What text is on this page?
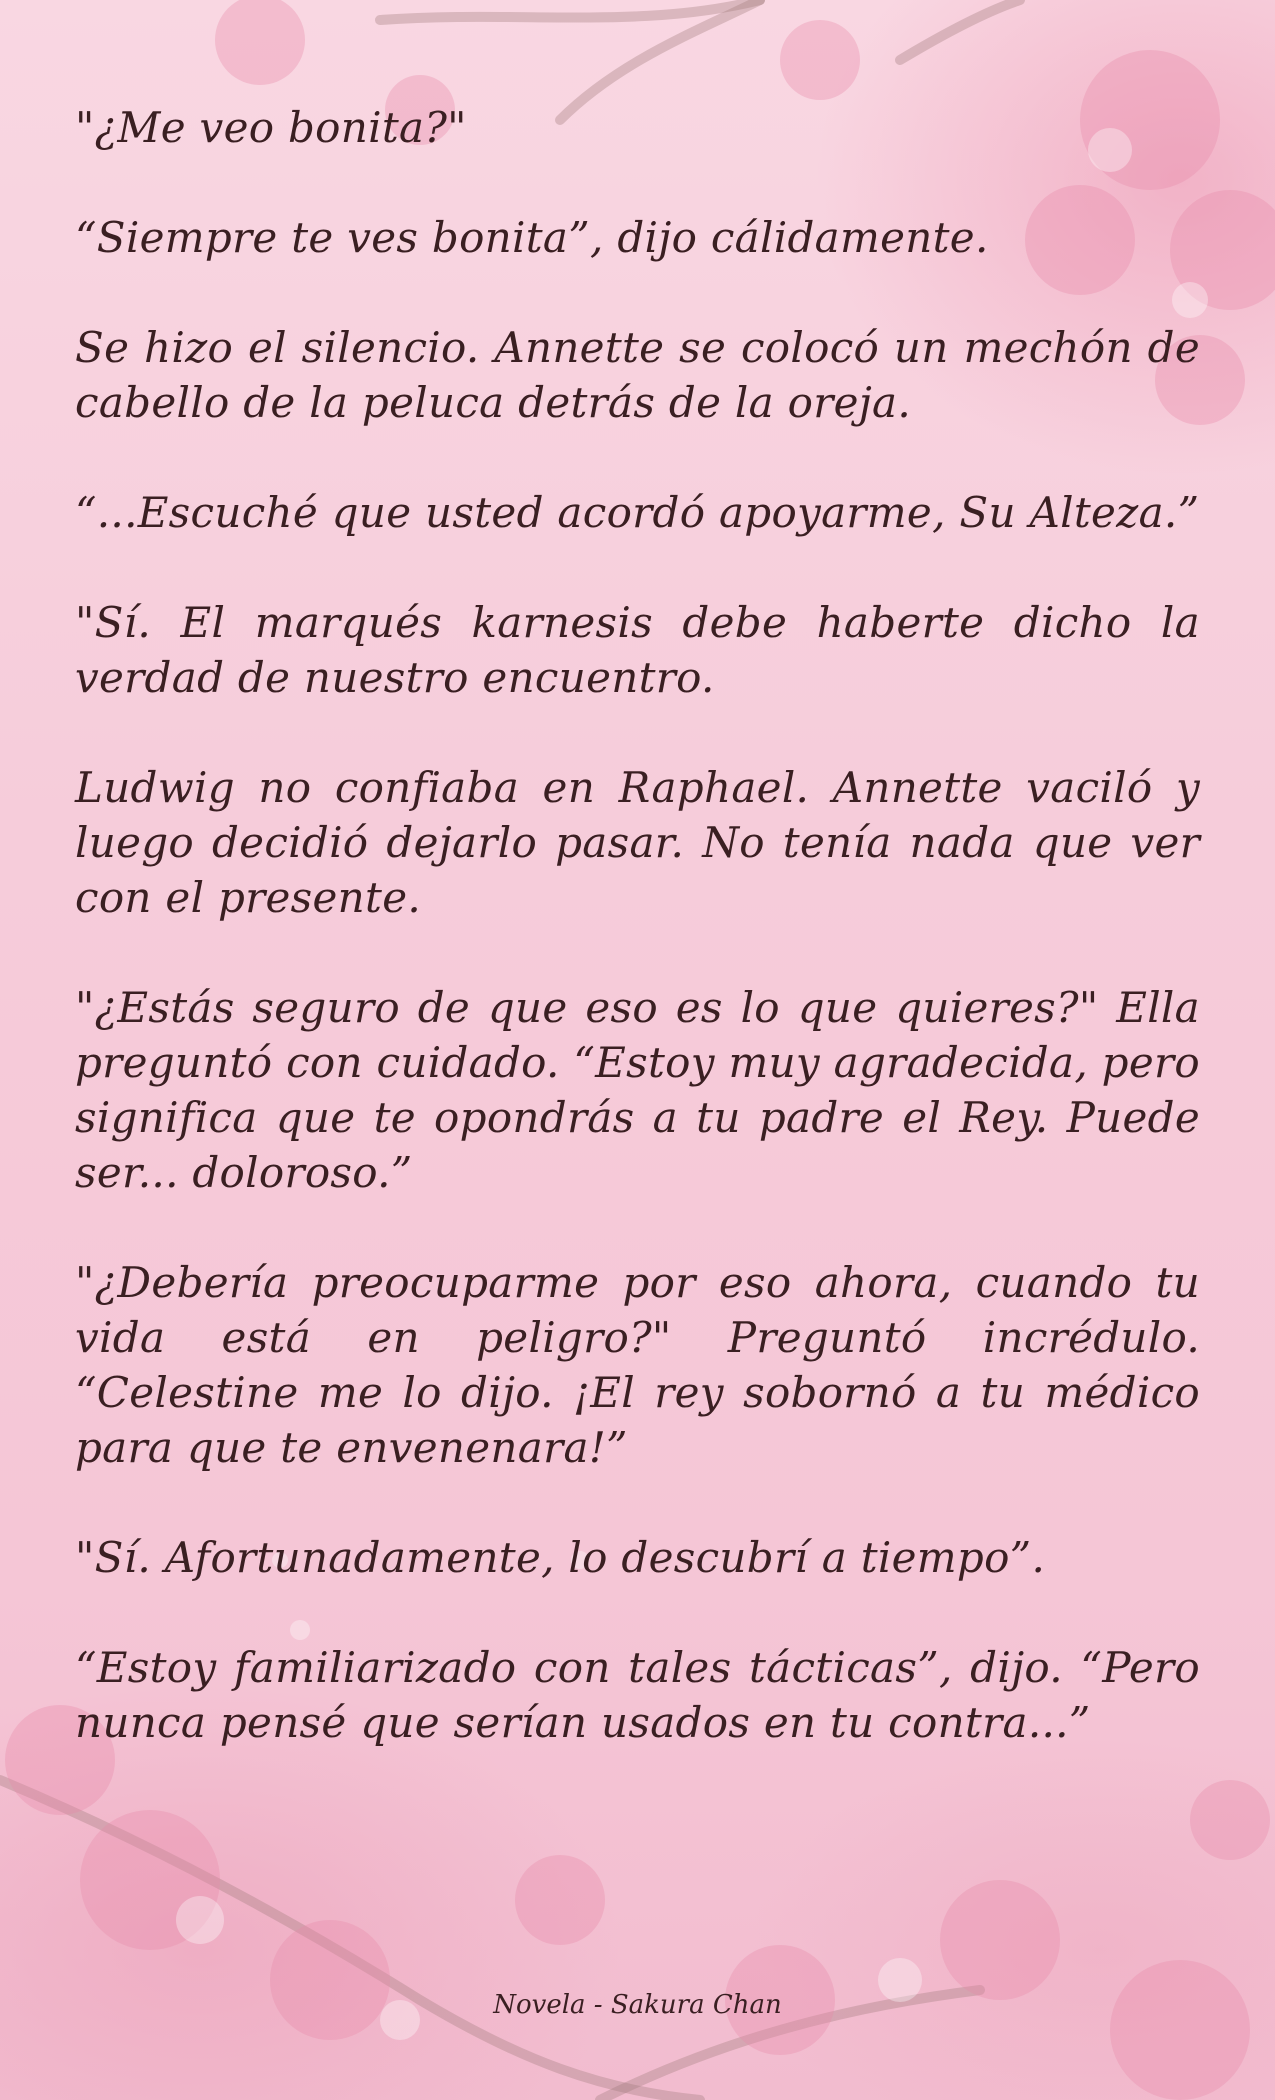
"¿Me veo bonita?"

“Siempre te ves bonita”, dijo cálidamente.

Se hizo el silencio. Annette se colocó un mechón de cabello de la peluca detrás de la oreja.

“...Escuché que usted acordó apoyarme, Su Alteza.”

"Sí. El marqués karnesis debe haberte dicho la verdad de nuestro encuentro.

Ludwig no confiaba en Raphael. Annette vaciló y luego decidió dejarlo pasar. No tenía nada que ver con el presente.

"¿Estás seguro de que eso es lo que quieres?" Ella preguntó con cuidado. “Estoy muy agradecida, pero significa que te opondrás a tu padre el Rey. Puede ser... doloroso.”

"¿Debería preocuparme por eso ahora, cuando tu vida está en peligro?" Preguntó incrédulo. “Celestine me lo dijo. ¡El rey sobornó a tu médico para que te envenenara!”

"Sí. Afortunadamente, lo descubrí a tiempo”.

“Estoy familiarizado con tales tácticas”, dijo. “Pero nunca pensé que serían usados en tu contra...”

Novela - Sakura Chan
